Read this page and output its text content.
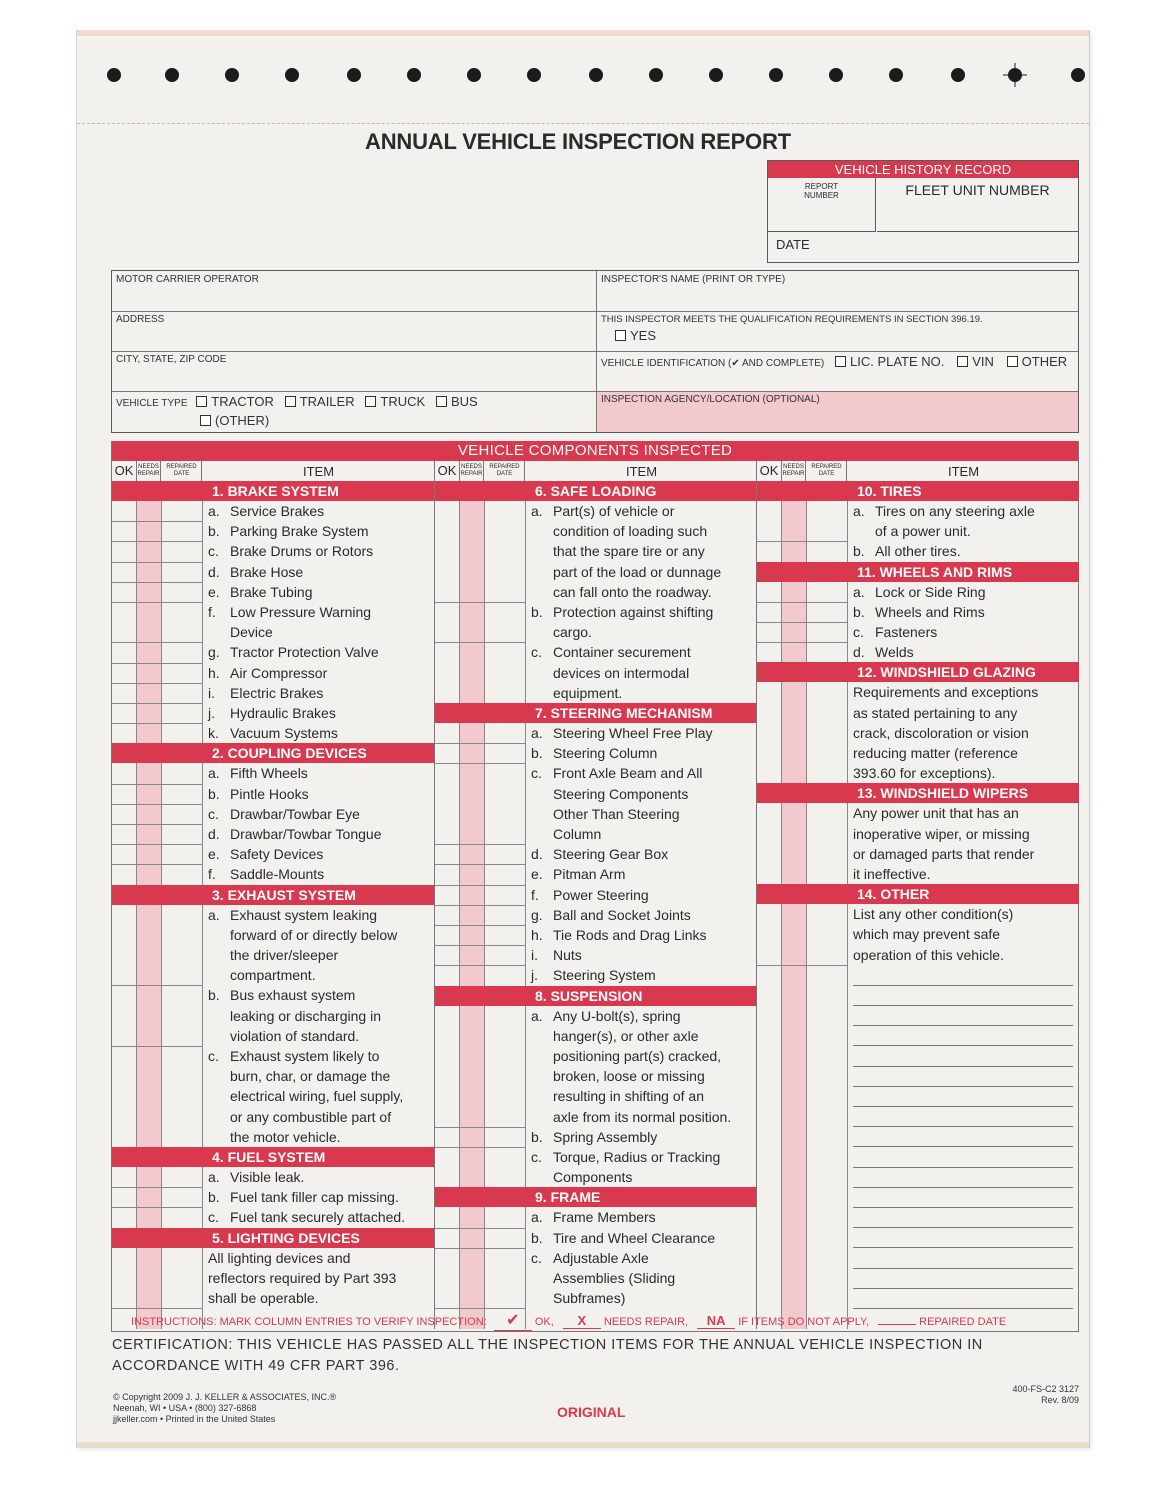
ANNUAL VEHICLE INSPECTION REPORT
VEHICLE HISTORY RECORD
REPORT NUMBER	FLEET UNIT NUMBER
DATE
MOTOR CARRIER OPERATOR	INSPECTOR'S NAME (PRINT OR TYPE)
ADDRESS	THIS INSPECTOR MEETS THE QUALIFICATION REQUIREMENTS IN SECTION 396.19.
YES
CITY, STATE, ZIP CODE	VEHICLE IDENTIFICATION (✔ AND COMPLETE) LIC. PLATE NO. VIN OTHER
VEHICLE TYPE TRACTOR TRAILER TRUCK BUS
(OTHER)
INSPECTION AGENCY/LOCATION (OPTIONAL)
VEHICLE COMPONENTS INSPECTED
OK NEEDS REPAIR
REPAIRED DATE	ITEM
1. BRAKE SYSTEM
a. Service Brakes
b. Parking Brake System
c. Brake Drums or Rotors
d. Brake Hose
e. Brake Tubing
f. Low Pressure Warning
Device
g. Tractor Protection Valve
h. Air Compressor
i. Electric Brakes
j. Hydraulic Brakes
k. Vacuum Systems
2. COUPLING DEVICES
a. Fifth Wheels
b. Pintle Hooks
c. Drawbar/Towbar Eye
d. Drawbar/Towbar Tongue
e. Safety Devices
f. Saddle-Mounts
3. EXHAUST SYSTEM
a. Exhaust system leaking
forward of or directly below
the driver/sleeper
compartment.
b. Bus exhaust system
leaking or discharging in
violation of standard.
c. Exhaust system likely to
burn, char, or damage the
electrical wiring, fuel supply,
or any combustible part of
the motor vehicle.
4. FUEL SYSTEM
a. Visible leak.
b. Fuel tank filler cap missing.
c. Fuel tank securely attached.
5. LIGHTING DEVICES
All lighting devices and
reflectors required by Part 393
shall be operable.
OK NEEDS REPAIR
REPAIRED DATE	ITEM
6. SAFE LOADING
a. Part(s) of vehicle or
condition of loading such
that the spare tire or any
part of the load or dunnage
can fall onto the roadway.
b. Protection against shifting
cargo.
c. Container securement
devices on intermodal
equipment.
7. STEERING MECHANISM
a. Steering Wheel Free Play
b. Steering Column
c. Front Axle Beam and All
Steering Components
Other Than Steering
Column
d. Steering Gear Box
e. Pitman Arm
f. Power Steering
g. Ball and Socket Joints
h. Tie Rods and Drag Links
i. Nuts
j. Steering System
8. SUSPENSION
a. Any U-bolt(s), spring
hanger(s), or other axle
positioning part(s) cracked,
broken, loose or missing
resulting in shifting of an
axle from its normal position.
b. Spring Assembly
c. Torque, Radius or Tracking
Components
9. FRAME
a. Frame Members
b. Tire and Wheel Clearance
c. Adjustable Axle
Assemblies (Sliding
Subframes)
OK NEEDS REPAIR
REPAIRED DATE	ITEM
10. TIRES
a. Tires on any steering axle
of a power unit.
b. All other tires.
11. WHEELS AND RIMS
a. Lock or Side Ring
b. Wheels and Rims
c. Fasteners
d. Welds
12. WINDSHIELD GLAZING
Requirements and exceptions
as stated pertaining to any
crack, discoloration or vision
reducing matter (reference
393.60 for exceptions).
13. WINDSHIELD WIPERS
Any power unit that has an
inoperative wiper, or missing
or damaged parts that render
it ineffective.
14. OTHER
List any other condition(s)
which may prevent safe
operation of this vehicle.
INSTRUCTIONS: MARK COLUMN ENTRIES TO VERIFY INSPECTION: ✔ OK, X NEEDS REPAIR, NA IF ITEMS DO NOT APPLY,	REPAIRED DATE
CERTIFICATION: THIS VEHICLE HAS PASSED ALL THE INSPECTION ITEMS FOR THE ANNUAL VEHICLE INSPECTION IN ACCORDANCE WITH 49 CFR PART 396.
© Copyright 2009 J. J. KELLER & ASSOCIATES, INC.®
Neenah, WI • USA • (800) 327-6868
jjkeller.com • Printed in the United States	ORIGINAL
400-FS-C2 3127
Rev. 8/09
